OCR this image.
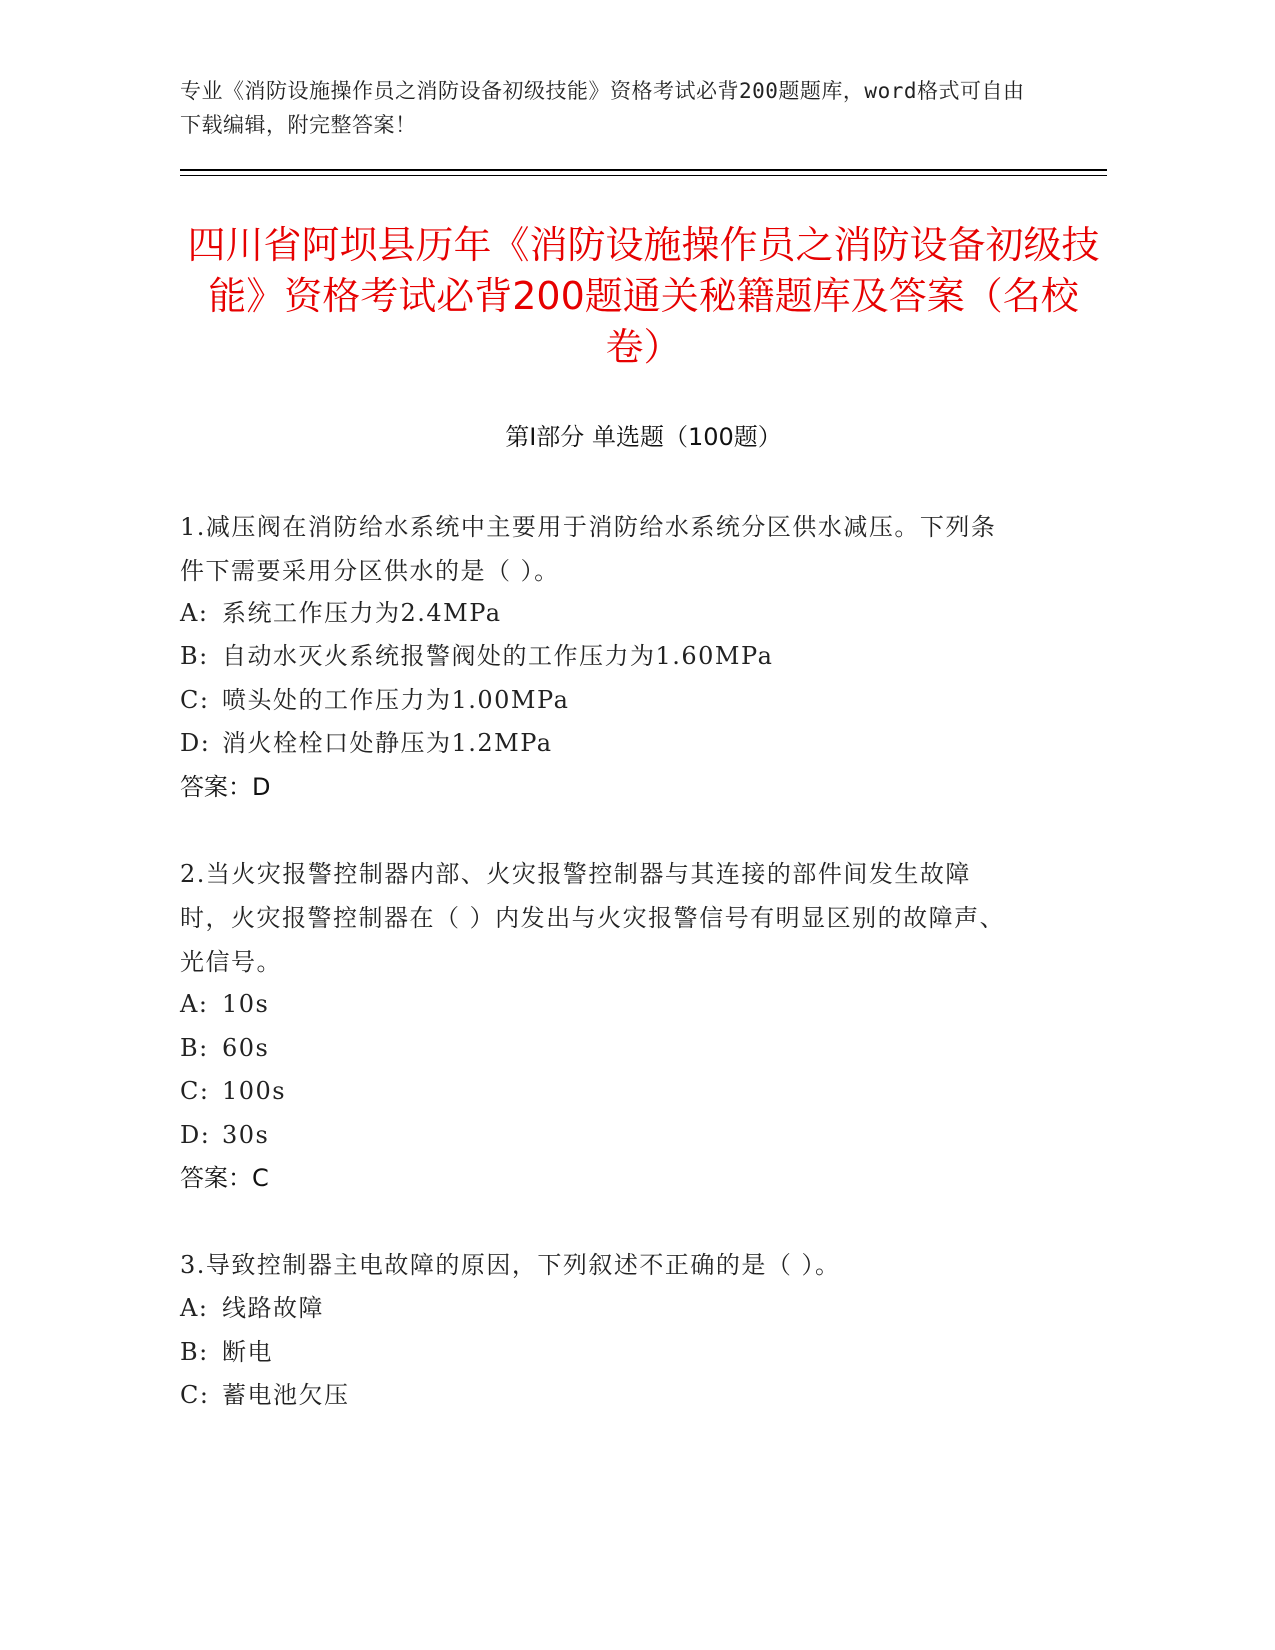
专业《消防设施操作员之消防设备初级技能》资格考试必背200题题库，word格式可自由下载编辑，附完整答案！
四川省阿坝县历年《消防设施操作员之消防设备初级技能》资格考试必背200题通关秘籍题库及答案（名校卷）
第Ⅰ部分 单选题（100题）
1.减压阀在消防给水系统中主要用于消防给水系统分区供水减压。下列条件下需要采用分区供水的是（ ）。
A: 系统工作压力为2.4MPa
B: 自动水灭火系统报警阀处的工作压力为1.60MPa
C: 喷头处的工作压力为1.00MPa
D: 消火栓栓口处静压为1.2MPa
答案：D
2.当火灾报警控制器内部、火灾报警控制器与其连接的部件间发生故障时，火灾报警控制器在（ ）内发出与火灾报警信号有明显区别的故障声、光信号。
A: 10s
B: 60s
C: 100s
D: 30s
答案：C
3.导致控制器主电故障的原因，下列叙述不正确的是（ ）。
A: 线路故障
B: 断电
C: 蓄电池欠压
